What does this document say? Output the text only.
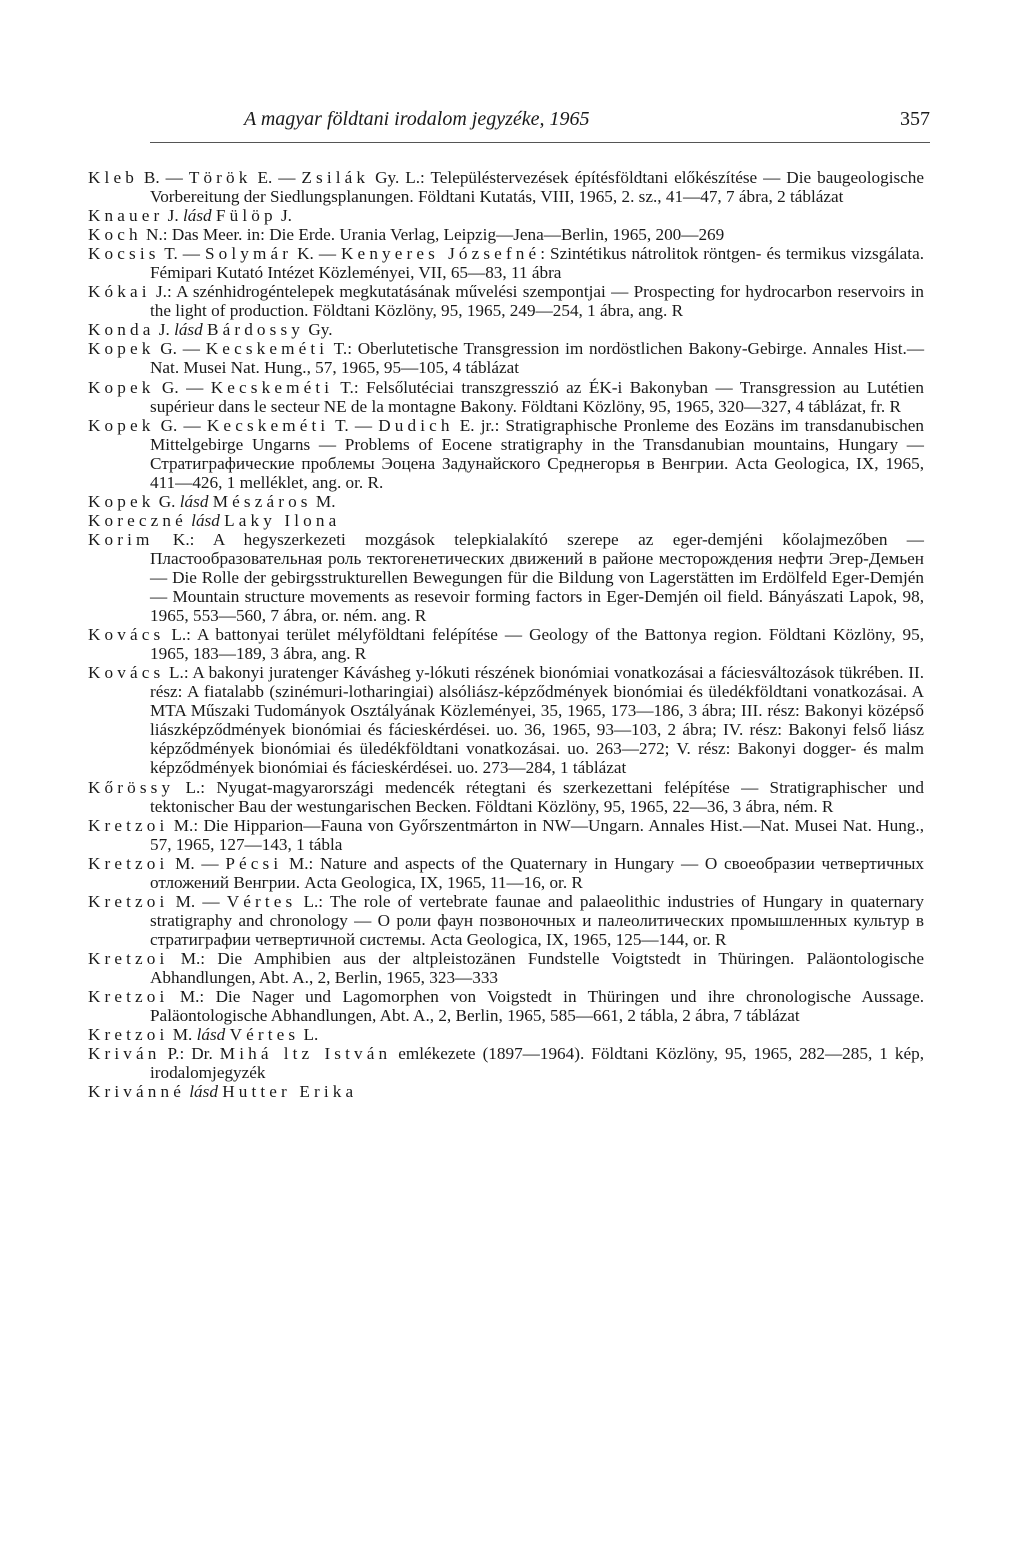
A magyar földtani irodalom jegyzéke, 1965	357

Kleb B. — Török E. — Zsilák Gy. L.: Településtervezések építésföldtani előkészítése — Die baugeologische Vorbereitung der Siedlungsplanungen. Földtani Kutatás, VIII, 1965, 2. sz., 41—47, 7 ábra, 2 táblázat

Knauer J. lásd Fülöp J.

Koch N.: Das Meer. in: Die Erde. Urania Verlag, Leipzig—Jena—Berlin, 1965, 200—269

Kocsis T. — Solymár K. — Kenyeres Józsefné: Szintétikus nátrolitok röntgen- és termikus vizsgálata. Fémipari Kutató Intézet Közleményei, VII, 65—83, 11 ábra

Kókai J.: A szénhidrogéntelepek megkutatásának művelési szempontjai — Prospecting for hydrocarbon reservoirs in the light of production. Földtani Közlöny, 95, 1965, 249—254, 1 ábra, ang. R

Konda J. lásd Bárdossy Gy.

Kopek G. — Kecskeméti T.: Oberlutetische Transgression im nordöstlichen Bakony-Gebirge. Annales Hist.—Nat. Musei Nat. Hung., 57, 1965, 95—105, 4 táblázat

Kopek G. — Kecskeméti T.: Felsőlutéciai transzgresszió az ÉK-i Bakonyban — Transgression au Lutétien supérieur dans le secteur NE de la montagne Bakony. Földtani Közlöny, 95, 1965, 320—327, 4 táblázat, fr. R

Kopek G. — Kecskeméti T. — Dudich E. jr.: Stratigraphische Pronleme des Eozäns im transdanubischen Mittelgebirge Ungarns — Problems of Eocene stratigraphy in the Transdanubian mountains, Hungary — Стратиграфические проблемы Эоцена Задунайского Среднегорья в Венгрии. Acta Geologica, IX, 1965, 411—426, 1 melléklet, ang. or. R.

Kopek G. lásd Mészáros M.

Koreczné lásd Laky Ilona

Korim K.: A hegyszerkezeti mozgások telepkialakító szerepe az eger-demjéni kőolajmezőben — Пластообразовательная роль тектогенетических движений в районе месторождения нефти Эгер-Демьен — Die Rolle der gebirgsstrukturellen Bewegungen für die Bildung von Lagerstätten im Erdölfeld Eger-Demjén — Mountain structure movements as resevoir forming factors in Eger-Demjén oil field. Bányászati Lapok, 98, 1965, 553—560, 7 ábra, or. ném. ang. R

Kovács L.: A battonyai terület mélyföldtani felépítése — Geology of the Battonya region. Földtani Közlöny, 95, 1965, 183—189, 3 ábra, ang. R

Kovács L.: A bakonyi juratenger Kávásheg y-lókuti részének bionómiai vonatkozásai a fáciesváltozások tükrében. II. rész: A fiatalabb (szinémuri-lotharingiai) alsóliász-képződmények bionómiai és üledékföldtani vonatkozásai. A MTA Műszaki Tudományok Osztályának Közleményei, 35, 1965, 173—186, 3 ábra; III. rész: Bakonyi középső liászképződmények bionómiai és fácieskérdései. uo. 36, 1965, 93—103, 2 ábra; IV. rész: Bakonyi felső liász képződmények bionómiai és üledékföldtani vonatkozásai. uo. 263—272; V. rész: Bakonyi dogger- és malm képződmények bionómiai és fácieskérdései. uo. 273—284, 1 táblázat

Kőrössy L.: Nyugat-magyarországi medencék rétegtani és szerkezettani felépítése — Stratigraphischer und tektonischer Bau der westungarischen Becken. Földtani Közlöny, 95, 1965, 22—36, 3 ábra, ném. R

Kretzoi M.: Die Hipparion—Fauna von Győrszentmárton in NW—Ungarn. Annales Hist.—Nat. Musei Nat. Hung., 57, 1965, 127—143, 1 tábla

Kretzoi M. — Pécsi M.: Nature and aspects of the Quaternary in Hungary — О своеобразии четвертичных отложений Венгрии. Acta Geologica, IX, 1965, 11—16, or. R

Kretzoi M. — Vértes L.: The role of vertebrate faunae and palaeolithic industries of Hungary in quaternary stratigraphy and chronology — О роли фаун позвоночных и палеолитических промышленных культур в стратиграфии четвертичной системы. Acta Geologica, IX, 1965, 125—144, or. R

Kretzoi M.: Die Amphibien aus der altpleistozänen Fundstelle Voigtstedt in Thüringen. Paläontologische Abhandlungen, Abt. A., 2, Berlin, 1965, 323—333

Kretzoi M.: Die Nager und Lagomorphen von Voigstedt in Thüringen und ihre chronologische Aussage. Paläontologische Abhandlungen, Abt. A., 2, Berlin, 1965, 585—661, 2 tábla, 2 ábra, 7 táblázat

Kretzoi M. lásd Vértes L.

Kriván P.: Dr. Mihá ltz István emlékezete (1897—1964). Földtani Közlöny, 95, 1965, 282—285, 1 kép, irodalomjegyzék

Krivánné lásd Hutter Erika
